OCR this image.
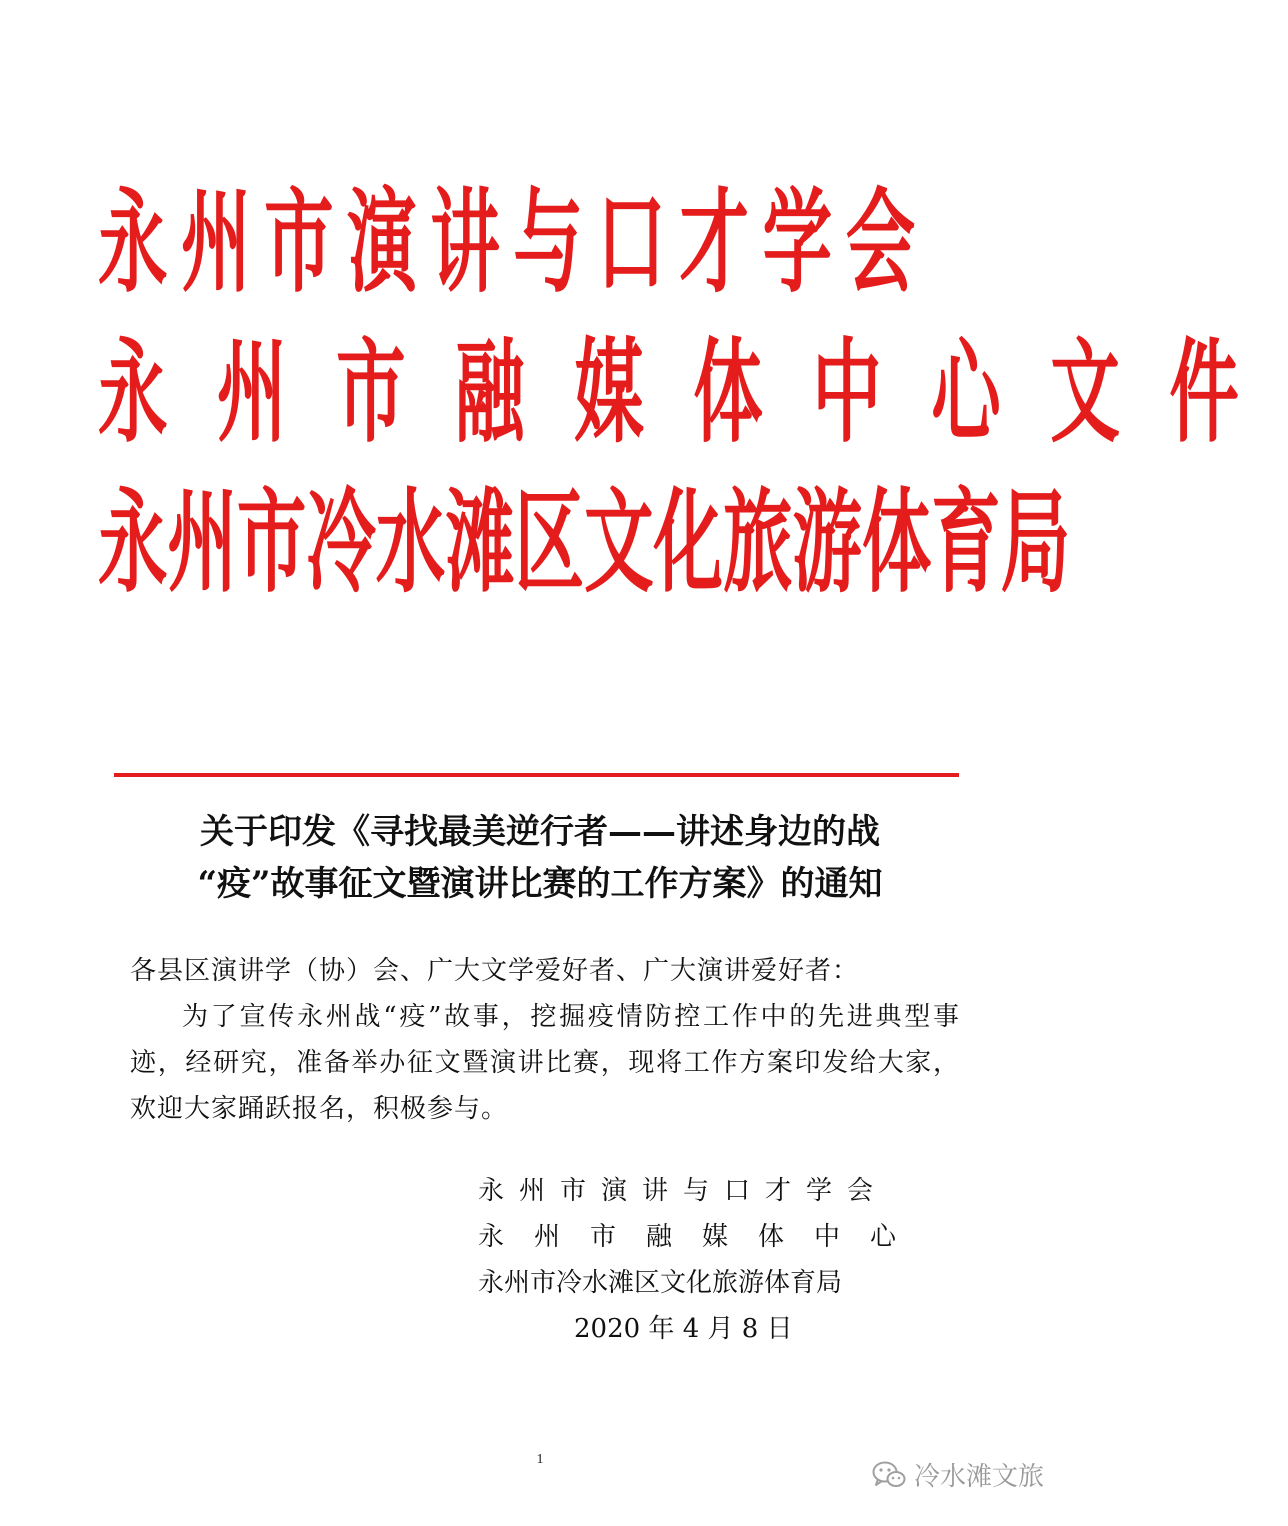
永州市演讲与口才学会
永州市融媒体中心文件
永州市冷水滩区文化旅游体育局
关于印发《寻找最美逆行者——讲述身边的战
“疫”故事征文暨演讲比赛的工作方案》的通知
各县区演讲学（协）会、广大文学爱好者、广大演讲爱好者：

为了宣传永州战“疫”故事，挖掘疫情防控工作中的先进典型事迹，经研究，准备举办征文暨演讲比赛，现将工作方案印发给大家，欢迎大家踊跃报名，积极参与。

永州市演讲与口才学会
永州市融媒体中心
永州市冷水滩区文化旅游体育局
2020 年 4 月 8 日
1
冷水滩文旅
